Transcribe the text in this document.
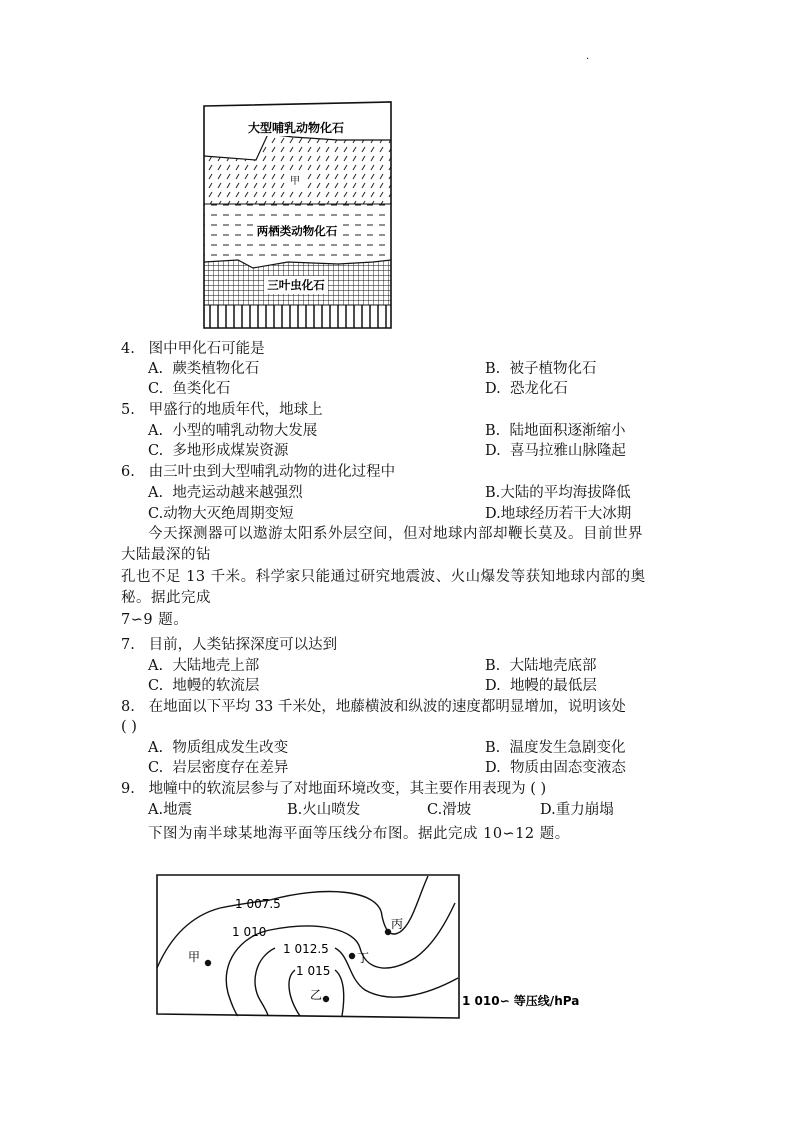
·
大型哺乳动物化石
甲
两栖类动物化石
三叶虫化石
4. 图中甲化石可能是
A. 蕨类植物化石	B. 被子植物化石
C. 鱼类化石	D. 恐龙化石
5. 甲盛行的地质年代，地球上
A. 小型的哺乳动物大发展	B. 陆地面积逐渐缩小
C. 多地形成煤炭资源	D. 喜马拉雅山脉隆起
6. 由三叶虫到大型哺乳动物的进化过程中
A. 地壳运动越来越强烈	B.大陆的平均海拔降低
C.动物大灭绝周期变短	D.地球经历若干大冰期
今天探测器可以遨游太阳系外层空间，但对地球内部却鞭长莫及。目前世界
大陆最深的钻
孔也不足 13 千米。科学家只能通过研究地震波、火山爆发等获知地球内部的奥
秘。据此完成
7∽9 题。
7. 目前，人类钻探深度可以达到
A. 大陆地壳上部	B. 大陆地壳底部
C. 地幔的软流层	D. 地幔的最低层
8. 在地面以下平均 33 千米处，地藤横波和纵波的速度都明显增加，说明该处
( )
A. 物质组成发生改变	B. 温度发生急剧变化
C. 岩层密度存在差异	D. 物质由固态变液态
9. 地幢中的软流层参与了对地面环境改变，其主要作用表现为 ( )
A.地震	B.火山喷发	C.滑坡	D.重力崩塌
下图为南半球某地海平面等压线分布图。据此完成 10∽12 题。
1 007.5
1 010
1 012.5
1 015
甲
乙
丙
丁
1 010∽ 等压线/hPa
